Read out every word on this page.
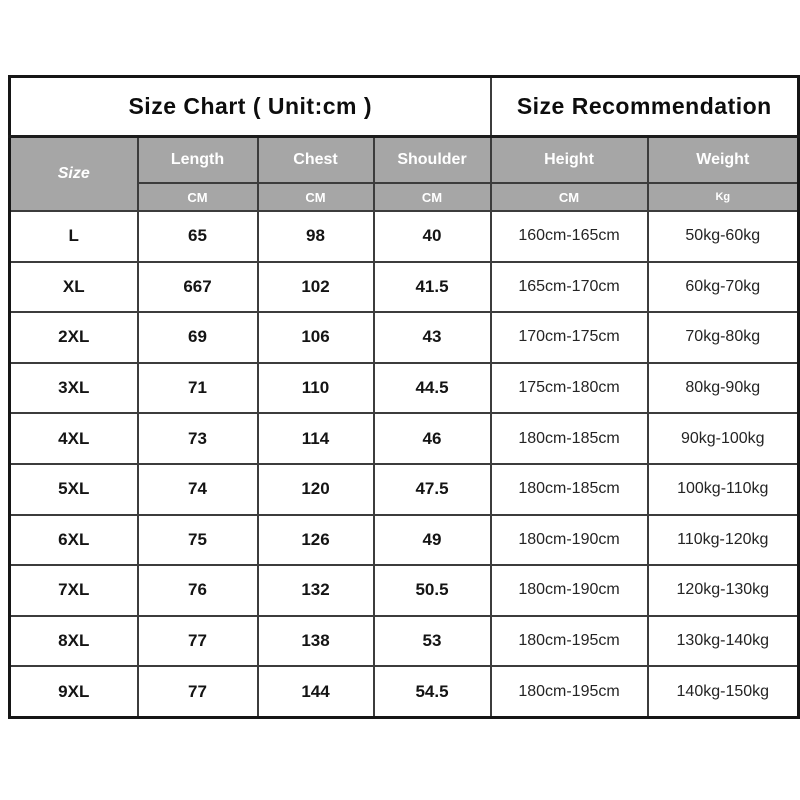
Size Chart ( Unit:cm )				Size Recommendation	
Size	Length	Chest	Shoulder	Height	Weight
	CM	CM	CM	CM	Kg
L	65	98	40	160cm-165cm	50kg-60kg
XL	667	102	41.5	165cm-170cm	60kg-70kg
2XL	69	106	43	170cm-175cm	70kg-80kg
3XL	71	110	44.5	175cm-180cm	80kg-90kg
4XL	73	114	46	180cm-185cm	90kg-100kg
5XL	74	120	47.5	180cm-185cm	100kg-110kg
6XL	75	126	49	180cm-190cm	110kg-120kg
7XL	76	132	50.5	180cm-190cm	120kg-130kg
8XL	77	138	53	180cm-195cm	130kg-140kg
9XL	77	144	54.5	180cm-195cm	140kg-150kg
